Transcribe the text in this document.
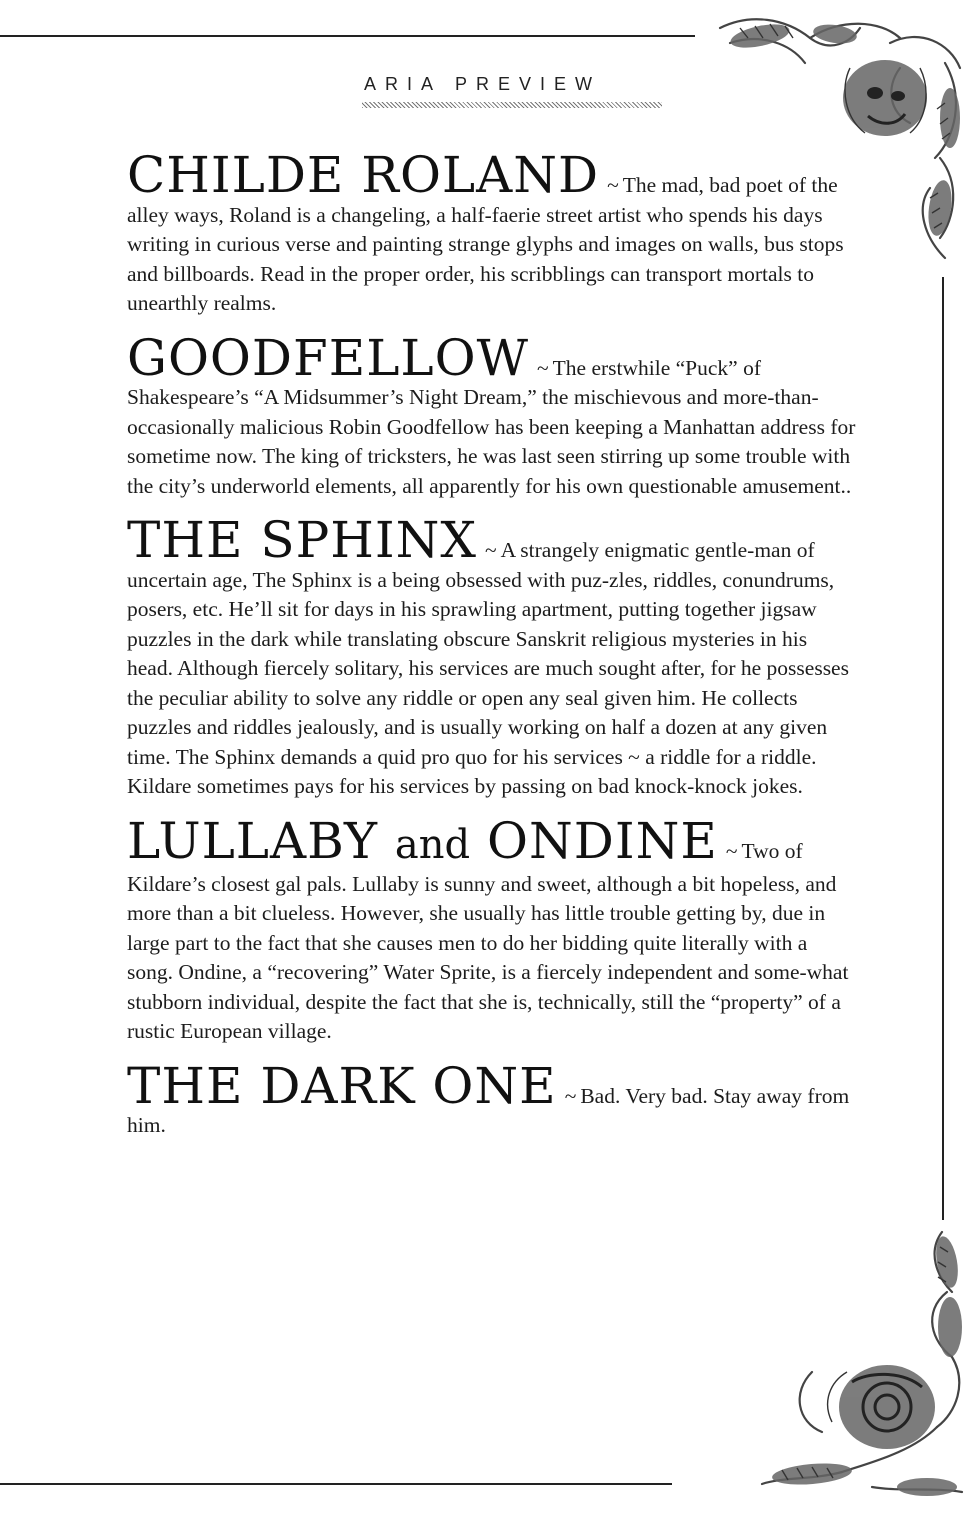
ARIA PREVIEW

CHILDE ROLAND ~ The mad, bad poet of the alley ways, Roland is a changeling, a half-faerie street artist who spends his days writing in curious verse and painting strange glyphs and images on walls, bus stops and billboards. Read in the proper order, his scribblings can transport mortals to unearthly realms.

GOODFELLOW ~ The erstwhile “Puck” of Shakespeare’s “A Midsummer’s Night Dream,” the mischievous and more-than-occasionally malicious Robin Goodfellow has been keeping a Manhattan address for sometime now. The king of tricksters, he was last seen stirring up some trouble with the city’s underworld elements, all apparently for his own questionable amusement..

THE SPHINX ~ A strangely enigmatic gentle-man of uncertain age, The Sphinx is a being obsessed with puz-zles, riddles, conundrums, posers, etc. He’ll sit for days in his sprawling apartment, putting together jigsaw puzzles in the dark while translating obscure Sanskrit religious mysteries in his head. Although fiercely solitary, his services are much sought after, for he possesses the peculiar ability to solve any riddle or open any seal given him. He collects puzzles and riddles jealously, and is usually working on half a dozen at any given time. The Sphinx demands a quid pro quo for his services ~ a riddle for a riddle. Kildare sometimes pays for his services by passing on bad knock-knock jokes.

LULLABY and ONDINE ~ Two of Kildare’s closest gal pals. Lullaby is sunny and sweet, although a bit hopeless, and more than a bit clueless. However, she usually has little trouble getting by, due in large part to the fact that she causes men to do her bidding quite literally with a song. Ondine, a “recovering” Water Sprite, is a fiercely independent and some-what stubborn individual, despite the fact that she is, technically, still the “property” of a rustic European village.

THE DARK ONE ~ Bad. Very bad. Stay away from him.
